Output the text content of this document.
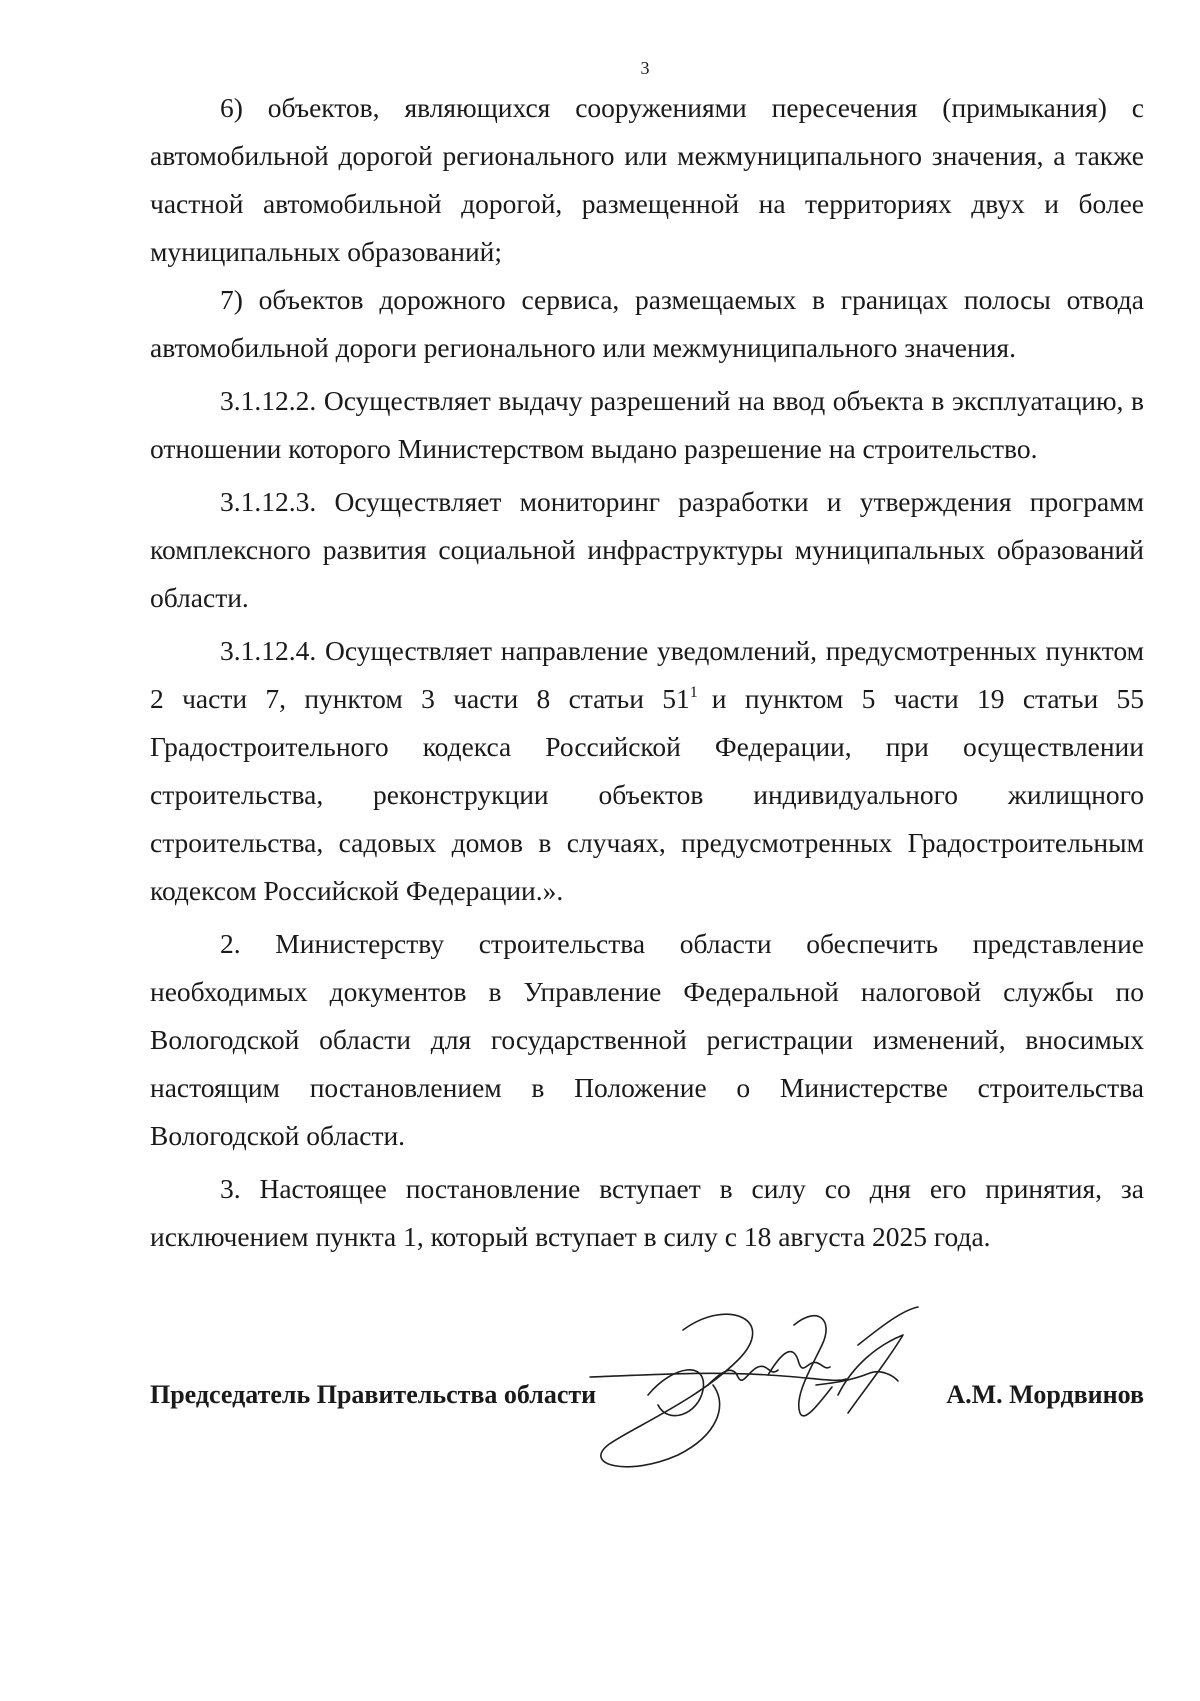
3

6) объектов, являющихся сооружениями пересечения (примыкания) с автомобильной дорогой регионального или межмуниципального значения, а также частной автомобильной дорогой, размещенной на территориях двух и более муниципальных образований;

7) объектов дорожного сервиса, размещаемых в границах полосы отвода автомобильной дороги регионального или межмуниципального значения.

3.1.12.2. Осуществляет выдачу разрешений на ввод объекта в эксплуатацию, в отношении которого Министерством выдано разрешение на строительство.

3.1.12.3. Осуществляет мониторинг разработки и утверждения программ комплексного развития социальной инфраструктуры муниципальных образований области.

3.1.12.4. Осуществляет направление уведомлений, предусмотренных пунктом 2 части 7, пунктом 3 части 8 статьи $51^1$ и пунктом 5 части 19 статьи 55 Градостроительного кодекса Российской Федерации, при осуществлении строительства, реконструкции объектов индивидуального жилищного строительства, садовых домов в случаях, предусмотренных Градостроительным кодексом Российской Федерации.».

2. Министерству строительства области обеспечить представление необходимых документов в Управление Федеральной налоговой службы по Вологодской области для государственной регистрации изменений, вносимых настоящим постановлением в Положение о Министерстве строительства Вологодской области.

3. Настоящее постановление вступает в силу со дня его принятия, за исключением пункта 1, который вступает в силу с 18 августа 2025 года.

Председатель Правительства области	А.М. Мордвинов
